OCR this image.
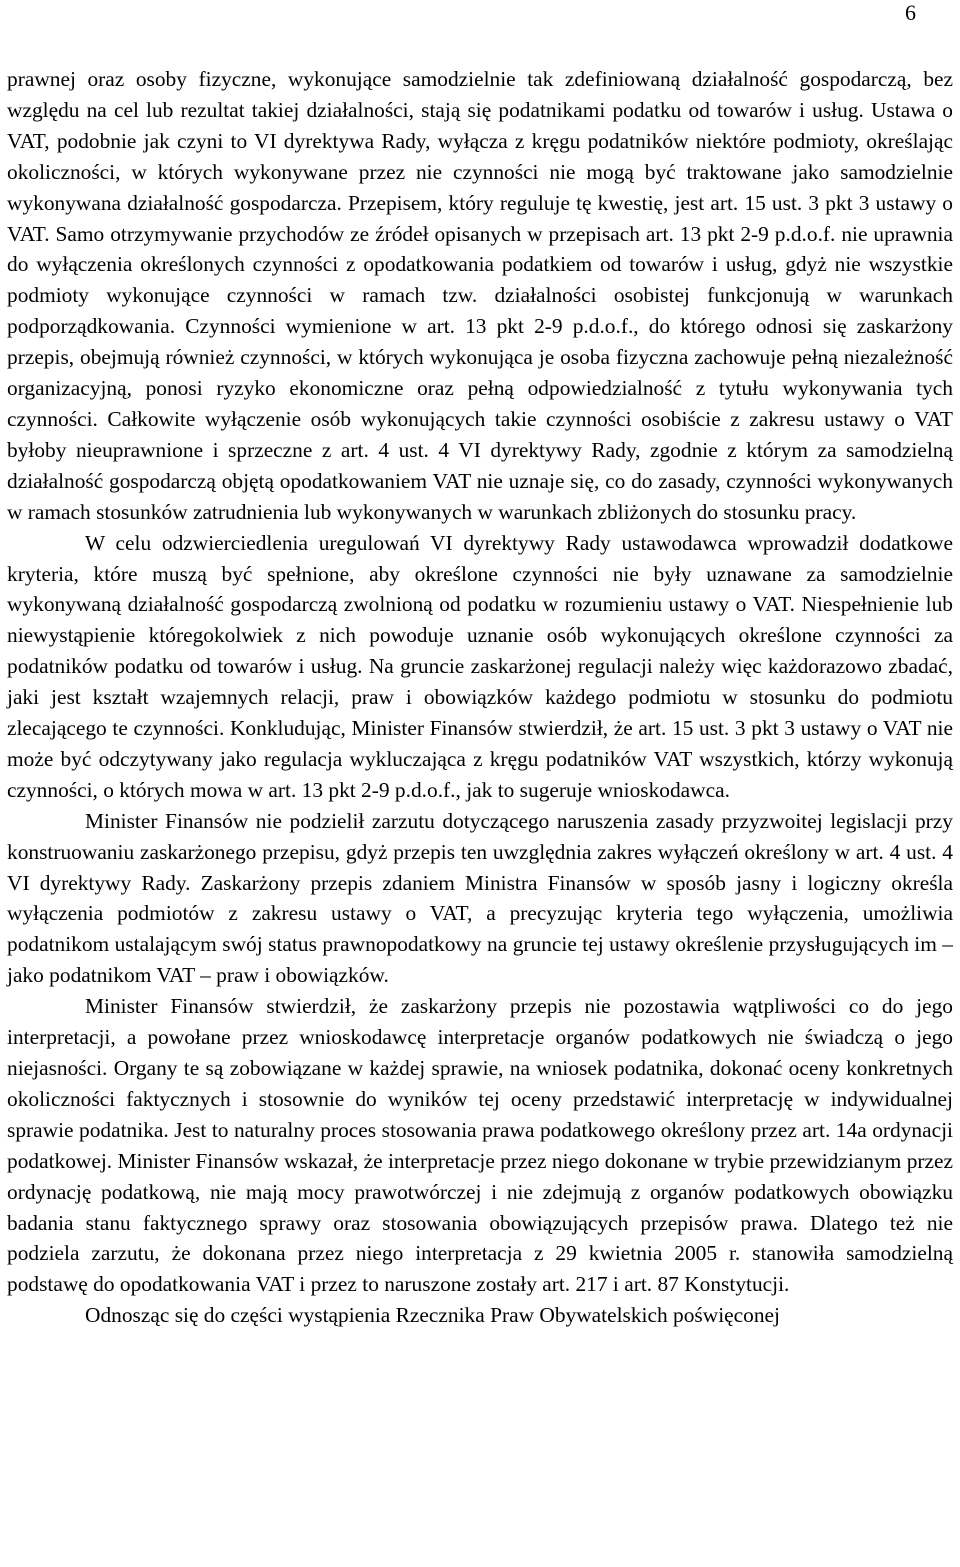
6

prawnej oraz osoby fizyczne, wykonujące samodzielnie tak zdefiniowaną działalność gospodarczą, bez względu na cel lub rezultat takiej działalności, stają się podatnikami podatku od towarów i usług. Ustawa o VAT, podobnie jak czyni to VI dyrektywa Rady, wyłącza z kręgu podatników niektóre podmioty, określając okoliczności, w których wykonywane przez nie czynności nie mogą być traktowane jako samodzielnie wykonywana działalność gospodarcza. Przepisem, który reguluje tę kwestię, jest art. 15 ust. 3 pkt 3 ustawy o VAT. Samo otrzymywanie przychodów ze źródeł opisanych w przepisach art. 13 pkt 2-9 p.d.o.f. nie uprawnia do wyłączenia określonych czynności z opodatkowania podatkiem od towarów i usług, gdyż nie wszystkie podmioty wykonujące czynności w ramach tzw. działalności osobistej funkcjonują w warunkach podporządkowania. Czynności wymienione w art. 13 pkt 2-9 p.d.o.f., do którego odnosi się zaskarżony przepis, obejmują również czynności, w których wykonująca je osoba fizyczna zachowuje pełną niezależność organizacyjną, ponosi ryzyko ekonomiczne oraz pełną odpowiedzialność z tytułu wykonywania tych czynności. Całkowite wyłączenie osób wykonujących takie czynności osobiście z zakresu ustawy o VAT byłoby nieuprawnione i sprzeczne z art. 4 ust. 4 VI dyrektywy Rady, zgodnie z którym za samodzielną działalność gospodarczą objętą opodatkowaniem VAT nie uznaje się, co do zasady, czynności wykonywanych w ramach stosunków zatrudnienia lub wykonywanych w warunkach zbliżonych do stosunku pracy.

W celu odzwierciedlenia uregulowań VI dyrektywy Rady ustawodawca wprowadził dodatkowe kryteria, które muszą być spełnione, aby określone czynności nie były uznawane za samodzielnie wykonywaną działalność gospodarczą zwolnioną od podatku w rozumieniu ustawy o VAT. Niespełnienie lub niewystąpienie któregokolwiek z nich powoduje uznanie osób wykonujących określone czynności za podatników podatku od towarów i usług. Na gruncie zaskarżonej regulacji należy więc każdorazowo zbadać, jaki jest kształt wzajemnych relacji, praw i obowiązków każdego podmiotu w stosunku do podmiotu zlecającego te czynności. Konkludując, Minister Finansów stwierdził, że art. 15 ust. 3 pkt 3 ustawy o VAT nie może być odczytywany jako regulacja wykluczająca z kręgu podatników VAT wszystkich, którzy wykonują czynności, o których mowa w art. 13 pkt 2-9 p.d.o.f., jak to sugeruje wnioskodawca.

Minister Finansów nie podzielił zarzutu dotyczącego naruszenia zasady przyzwoitej legislacji przy konstruowaniu zaskarżonego przepisu, gdyż przepis ten uwzględnia zakres wyłączeń określony w art. 4 ust. 4 VI dyrektywy Rady. Zaskarżony przepis zdaniem Ministra Finansów w sposób jasny i logiczny określa wyłączenia podmiotów z zakresu ustawy o VAT, a precyzując kryteria tego wyłączenia, umożliwia podatnikom ustalającym swój status prawnopodatkowy na gruncie tej ustawy określenie przysługujących im – jako podatnikom VAT – praw i obowiązków.

Minister Finansów stwierdził, że zaskarżony przepis nie pozostawia wątpliwości co do jego interpretacji, a powołane przez wnioskodawcę interpretacje organów podatkowych nie świadczą o jego niejasności. Organy te są zobowiązane w każdej sprawie, na wniosek podatnika, dokonać oceny konkretnych okoliczności faktycznych i stosownie do wyników tej oceny przedstawić interpretację w indywidualnej sprawie podatnika. Jest to naturalny proces stosowania prawa podatkowego określony przez art. 14a ordynacji podatkowej. Minister Finansów wskazał, że interpretacje przez niego dokonane w trybie przewidzianym przez ordynację podatkową, nie mają mocy prawotwórczej i nie zdejmują z organów podatkowych obowiązku badania stanu faktycznego sprawy oraz stosowania obowiązujących przepisów prawa. Dlatego też nie podziela zarzutu, że dokonana przez niego interpretacja z 29 kwietnia 2005 r. stanowiła samodzielną podstawę do opodatkowania VAT i przez to naruszone zostały art. 217 i art. 87 Konstytucji.

Odnosząc się do części wystąpienia Rzecznika Praw Obywatelskich poświęconej
